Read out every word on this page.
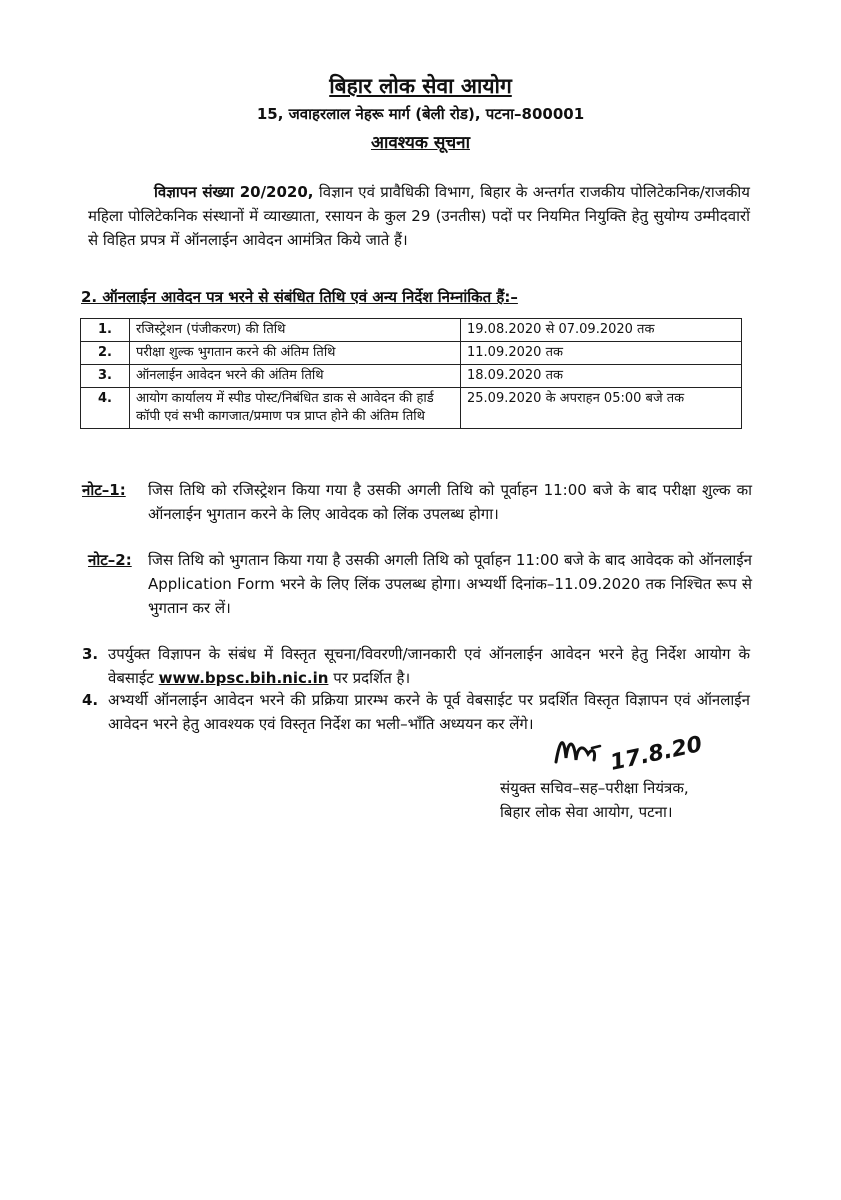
बिहार लोक सेवा आयोग
15, जवाहरलाल नेहरू मार्ग (बेली रोड), पटना–800001
आवश्यक सूचना
विज्ञापन संख्या 20/2020, विज्ञान एवं प्रावैधिकी विभाग, बिहार के अन्तर्गत राजकीय पोलिटेकनिक/राजकीय महिला पोलिटेकनिक संस्थानों में व्याख्याता, रसायन के कुल 29 (उनतीस) पदों पर नियमित नियुक्ति हेतु सुयोग्य उम्मीदवारों से विहित प्रपत्र में ऑनलाईन आवेदन आमंत्रित किये जाते हैं।
2. ऑनलाईन आवेदन पत्र भरने से संबंधित तिथि एवं अन्य निर्देश निम्नांकित हैं:–
1.	रजिस्ट्रेशन (पंजीकरण) की तिथि	19.08.2020 से 07.09.2020 तक
2.	परीक्षा शुल्क भुगतान करने की अंतिम तिथि	11.09.2020 तक
3.	ऑनलाईन आवेदन भरने की अंतिम तिथि	18.09.2020 तक
4.	आयोग कार्यालय में स्पीड पोस्ट/निबंधित डाक से आवेदन की हार्ड कॉपी एवं सभी कागजात/प्रमाण पत्र प्राप्त होने की अंतिम तिथि	25.09.2020 के अपराहन 05:00 बजे तक
नोट–1: जिस तिथि को रजिस्ट्रेशन किया गया है उसकी अगली तिथि को पूर्वाहन 11:00 बजे के बाद परीक्षा शुल्क का ऑनलाईन भुगतान करने के लिए आवेदक को लिंक उपलब्ध होगा।
नोट–2: जिस तिथि को भुगतान किया गया है उसकी अगली तिथि को पूर्वाहन 11:00 बजे के बाद आवेदक को ऑनलाईन Application Form भरने के लिए लिंक उपलब्ध होगा। अभ्यर्थी दिनांक–11.09.2020 तक निश्चित रूप से भुगतान कर लें।
3. उपर्युक्त विज्ञापन के संबंध में विस्तृत सूचना/विवरणी/जानकारी एवं ऑनलाईन आवेदन भरने हेतु निर्देश आयोग के वेबसाईट www.bpsc.bih.nic.in पर प्रदर्शित है।
4. अभ्यर्थी ऑनलाईन आवेदन भरने की प्रक्रिया प्रारम्भ करने के पूर्व वेबसाईट पर प्रदर्शित विस्तृत विज्ञापन एवं ऑनलाईन आवेदन भरने हेतु आवश्यक एवं विस्तृत निर्देश का भली–भाँति अध्ययन कर लेंगे।
17.8.20
संयुक्त सचिव–सह–परीक्षा नियंत्रक,
बिहार लोक सेवा आयोग, पटना।
